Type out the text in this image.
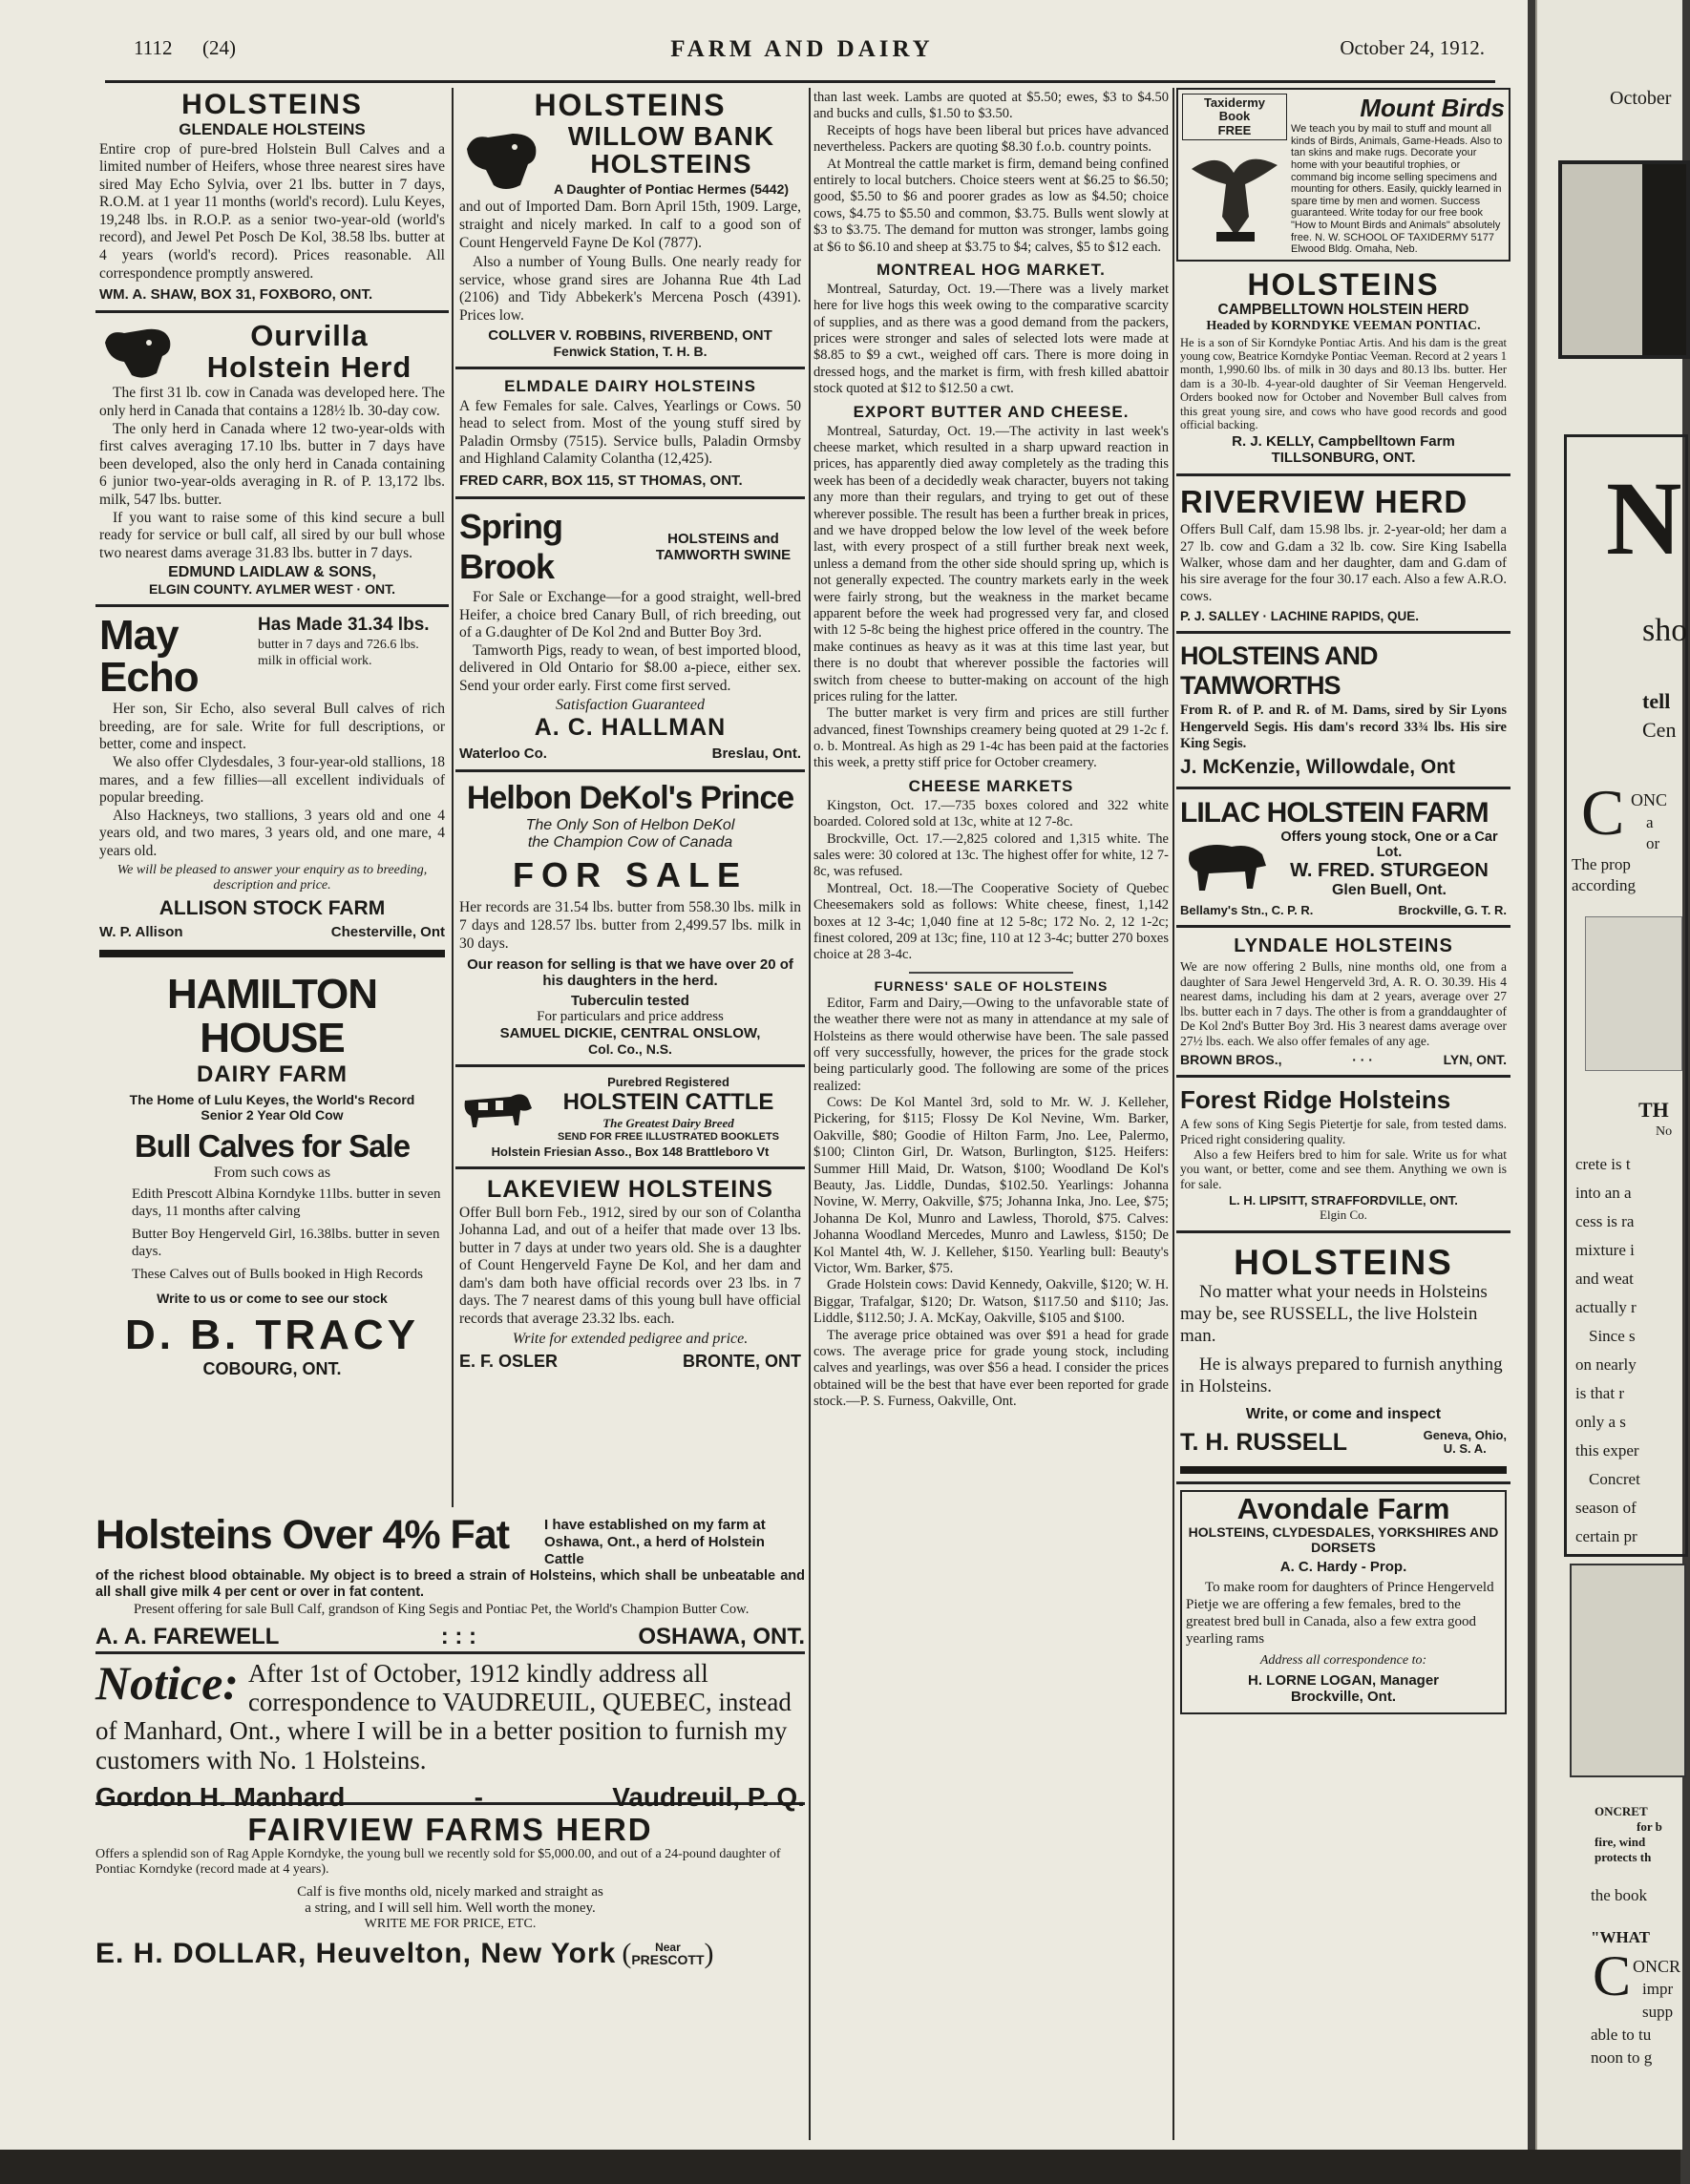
1112 (24)	FARM AND DAIRY	October 24, 1912.
HOLSTEINS
GLENDALE HOLSTEINS
Entire crop of pure-bred Holstein Bull Calves and a limited number of Heifers, whose three nearest sires have sired May Echo Sylvia, over 21 lbs. butter in 7 days, R.O.M. at 1 year 11 months (world's record). Lulu Keyes, 19,248 lbs. in R.O.P. as a senior two-year-old (world's record), and Jewel Pet Posch De Kol, 38.58 lbs. butter at 4 years (world's record). Prices reasonable. All correspondence promptly answered.
WM. A. SHAW, BOX 31, FOXBORO, ONT.
Ourvilla
Holstein Herd

The first 31 lb. cow in Canada was developed here. The only herd in Canada that contains a 128½ lb. 30-day cow.

The only herd in Canada where 12 two-year-olds with first calves averaging 17.10 lbs. butter in 7 days have been developed, also the only herd in Canada containing 6 junior two-year-olds averaging in R. of P. 13,172 lbs. milk, 547 lbs. butter.

If you want to raise some of this kind secure a bull ready for service or bull calf, all sired by our bull whose two nearest dams average 31.83 lbs. butter in 7 days.

EDMUND LAIDLAW & SONS,
ELGIN COUNTY. AYLMER WEST · ONT.
May Echo
Has Made 31.34 lbs.
butter in 7 days and 726.6 lbs. milk in official work.

Her son, Sir Echo, also several Bull calves of rich breeding, are for sale. Write for full descriptions, or better, come and inspect.

We also offer Clydesdales, 3 four-year-old stallions, 18 mares, and a few fillies—all excellent individuals of popular breeding.

Also Hackneys, two stallions, 3 years old and one 4 years old, and two mares, 3 years old, and one mare, 4 years old.

We will be pleased to answer your enquiry as to breeding, description and price.
ALLISON STOCK FARM
W. P. Allison	Chesterville, Ont
HAMILTON HOUSE
DAIRY FARM
The Home of Lulu Keyes, the World's Record Senior 2 Year Old Cow
Bull Calves for Sale
From such cows as
Edith Prescott Albina Korndyke 11lbs. butter in seven days, 11 months after calving
Butter Boy Hengerveld Girl, 16.38lbs. butter in seven days.
These Calves out of Bulls booked in High Records
Write to us or come to see our stock
D. B. TRACY
COBOURG, ONT.
HOLSTEINS
WILLOW BANK
HOLSTEINS
A Daughter of Pontiac Hermes (5442)
and out of Imported Dam. Born April 15th, 1909. Large, straight and nicely marked. In calf to a good son of Count Hengerveld Fayne De Kol (7877).

Also a number of Young Bulls. One nearly ready for service, whose grand sires are Johanna Rue 4th Lad (2106) and Tidy Abbekerk's Mercena Posch (4391). Prices low.

COLLVER V. ROBBINS, RIVERBEND, ONT
Fenwick Station, T. H. B.
ELMDALE DAIRY HOLSTEINS
A few Females for sale. Calves, Yearlings or Cows. 50 head to select from. Most of the young stuff sired by Paladin Ormsby (7515). Service bulls, Paladin Ormsby and Highland Calamity Colantha (12,425).
FRED CARR, BOX 115, ST THOMAS, ONT.
Spring Brook
HOLSTEINS and
TAMWORTH SWINE

For Sale or Exchange—for a good straight, well-bred Heifer, a choice bred Canary Bull, of rich breeding, out of a G.daughter of De Kol 2nd and Butter Boy 3rd.

Tamworth Pigs, ready to wean, of best imported blood, delivered in Old Ontario for $8.00 a-piece, either sex. Send your order early. First come first served.

Satisfaction Guaranteed
A. C. HALLMAN
Waterloo Co.	Breslau, Ont.
Helbon DeKol's Prince
The Only Son of Helbon DeKol
the Champion Cow of Canada
FOR SALE
Her records are 31.54 lbs. butter from 558.30 lbs. milk in 7 days and 128.57 lbs. butter from 2,499.57 lbs. milk in 30 days.
Our reason for selling is that we have over 20 of his daughters in the herd.
Tuberculin tested
For particulars and price address
SAMUEL DICKIE, CENTRAL ONSLOW,
Col. Co., N.S.
Purebred Registered
HOLSTEIN CATTLE
The Greatest Dairy Breed
SEND FOR FREE ILLUSTRATED BOOKLETS
Holstein Friesian Asso., Box 148 Brattleboro Vt
LAKEVIEW HOLSTEINS
Offer Bull born Feb., 1912, sired by our son of Colantha Johanna Lad, and out of a heifer that made over 13 lbs. butter in 7 days at under two years old. She is a daughter of Count Hengerveld Fayne De Kol, and her dam and dam's dam both have official records over 23 lbs. in 7 days. The 7 nearest dams of this young bull have official records that average 23.32 lbs. each.
Write for extended pedigree and price.
E. F. OSLER	BRONTE, ONT
Holsteins Over 4% Fat	I have established on my farm at Oshawa, Ont., a herd of Holstein Cattle
of the richest blood obtainable. My object is to breed a strain of Holsteins, which shall be unbeatable and all shall give milk 4 per cent or over in fat content.
Present offering for sale Bull Calf, grandson of King Segis and Pontiac Pet, the World's Champion Butter Cow.
A. A. FAREWELL	: : :	OSHAWA, ONT.
Notice: After 1st of October, 1912 kindly address all correspondence to VAUDREUIL, QUEBEC, instead of Manhard, Ont., where I will be in a better position to furnish my customers with No. 1 Holsteins.
Gordon H. Manhard	-	Vaudreuil, P. Q.
FAIRVIEW FARMS HERD
Offers a splendid son of Rag Apple Korndyke, the young bull we recently sold for $5,000.00, and out of a 24-pound daughter of Pontiac Korndyke (record made at 4 years).
Calf is five months old, nicely marked and straight as
a string, and I will sell him. Well worth the money.
WRITE ME FOR PRICE, ETC.
E. H. DOLLAR, Heuvelton, New York ( Near
PRESCOTT )

than last week. Lambs are quoted at $5.50; ewes, $3 to $4.50 and bucks and culls, $1.50 to $3.50.

Receipts of hogs have been liberal but prices have advanced nevertheless. Packers are quoting $8.30 f.o.b. country points.

At Montreal the cattle market is firm, demand being confined entirely to local butchers. Choice steers went at $6.25 to $6.50; good, $5.50 to $6 and poorer grades as low as $4.50; choice cows, $4.75 to $5.50 and common, $3.75. Bulls went slowly at $3 to $3.75. The demand for mutton was stronger, lambs going at $6 to $6.10 and sheep at $3.75 to $4; calves, $5 to $12 each.

MONTREAL HOG MARKET.

Montreal, Saturday, Oct. 19.—There was a lively market here for live hogs this week owing to the comparative scarcity of supplies, and as there was a good demand from the packers, prices were stronger and sales of selected lots were made at $8.85 to $9 a cwt., weighed off cars. There is more doing in dressed hogs, and the market is firm, with fresh killed abattoir stock quoted at $12 to $12.50 a cwt.

EXPORT BUTTER AND CHEESE.

Montreal, Saturday, Oct. 19.—The activity in last week's cheese market, which resulted in a sharp upward reaction in prices, has apparently died away completely as the trading this week has been of a decidedly weak character, buyers not taking any more than their regulars, and trying to get out of these wherever possible. The result has been a further break in prices, and we have dropped below the low level of the week before last, with every prospect of a still further break next week, unless a demand from the other side should spring up, which is not generally expected. The country markets early in the week were fairly strong, but the weakness in the market became apparent before the week had progressed very far, and closed with 12 5-8c being the highest price offered in the country. The make continues as heavy as it was at this time last year, but there is no doubt that wherever possible the factories will switch from cheese to butter-making on account of the high prices ruling for the latter.

The butter market is very firm and prices are still further advanced, finest Townships creamery being quoted at 29 1-2c f. o. b. Montreal. As high as 29 1-4c has been paid at the factories this week, a pretty stiff price for October creamery.

CHEESE MARKETS

Kingston, Oct. 17.—735 boxes colored and 322 white boarded. Colored sold at 13c, white at 12 7-8c.

Brockville, Oct. 17.—2,825 colored and 1,315 white. The sales were: 30 colored at 13c. The highest offer for white, 12 7-8c, was refused.

Montreal, Oct. 18.—The Cooperative Society of Quebec Cheesemakers sold as follows: White cheese, finest, 1,142 boxes at 12 3-4c; 1,040 fine at 12 5-8c; 172 No. 2, 12 1-2c; finest colored, 209 at 13c; fine, 110 at 12 3-4c; butter 270 boxes choice at 28 3-4c.

FURNESS' SALE OF HOLSTEINS

Editor, Farm and Dairy,—Owing to the unfavorable state of the weather there were not as many in attendance at my sale of Holsteins as there would otherwise have been. The sale passed off very successfully, however, the prices for the grade stock being particularly good. The following are some of the prices realized:

Cows: De Kol Mantel 3rd, sold to Mr. W. J. Kelleher, Pickering, for $115; Flossy De Kol Nevine, Wm. Barker, Oakville, $80; Goodie of Hilton Farm, Jno. Lee, Palermo, $100; Clinton Girl, Dr. Watson, Burlington, $125. Heifers: Summer Hill Maid, Dr. Watson, $100; Woodland De Kol's Beauty, Jas. Liddle, Dundas, $102.50. Yearlings: Johanna Novine, W. Merry, Oakville, $75; Johanna Inka, Jno. Lee, $75; Johanna De Kol, Munro and Lawless, Thorold, $75. Calves: Johanna Woodland Mercedes, Munro and Lawless, $150; De Kol Mantel 4th, W. J. Kelleher, $150. Yearling bull: Beauty's Victor, Wm. Barker, $75.

Grade Holstein cows: David Kennedy, Oakville, $120; W. H. Biggar, Trafalgar, $120; Dr. Watson, $117.50 and $110; Jas. Liddle, $112.50; J. A. McKay, Oakville, $105 and $100.

The average price obtained was over $91 a head for grade cows. The average price for grade young stock, including calves and yearlings, was over $56 a head. I consider the prices obtained will be the best that have ever been reported for grade stock.—P. S. Furness, Oakville, Ont.

Taxidermy
Book
FREE
Mount Birds
We teach you by mail to stuff and mount all kinds of Birds, Animals, Game-Heads. Also to tan skins and make rugs. Decorate your home with your beautiful trophies, or command big income selling specimens and mounting for others. Easily, quickly learned in spare time by men and women. Success guaranteed. Write today for our free book "How to Mount Birds and Animals" absolutely free. N. W. SCHOOL OF TAXIDERMY 5177 Elwood Bldg. Omaha, Neb.
HOLSTEINS
CAMPBELLTOWN HOLSTEIN HERD
Headed by KORNDYKE VEEMAN PONTIAC.
He is a son of Sir Korndyke Pontiac Artis. And his dam is the great young cow, Beatrice Korndyke Pontiac Veeman. Record at 2 years 1 month, 1,990.60 lbs. of milk in 30 days and 80.13 lbs. butter. Her dam is a 30-lb. 4-year-old daughter of Sir Veeman Hengerveld. Orders booked now for October and November Bull calves from this great young sire, and cows who have good records and good official backing.
R. J. KELLY, Campbelltown Farm
TILLSONBURG, ONT.
RIVERVIEW HERD
Offers Bull Calf, dam 15.98 lbs. jr. 2-year-old; her dam a 27 lb. cow and G.dam a 32 lb. cow. Sire King Isabella Walker, whose dam and her daughter, dam and G.dam of his sire average for the four 30.17 each. Also a few A.R.O. cows.
P. J. SALLEY · LACHINE RAPIDS, QUE.
HOLSTEINS AND TAMWORTHS
From R. of P. and R. of M. Dams, sired by Sir Lyons Hengerveld Segis. His dam's record 33¾ lbs. His sire King Segis.
J. McKenzie, Willowdale, Ont
LILAC HOLSTEIN FARM
Offers young stock, One or a Car Lot.
W. FRED. STURGEON
Glen Buell, Ont.
Bellamy's Stn., C. P. R.	Brockville, G. T. R.
LYNDALE HOLSTEINS
We are now offering 2 Bulls, nine months old, one from a daughter of Sara Jewel Hengerveld 3rd, A. R. O. 30.39. His 4 nearest dams, including his dam at 2 years, average over 27 lbs. butter each in 7 days. The other is from a granddaughter of De Kol 2nd's Butter Boy 3rd. His 3 nearest dams average over 27½ lbs. each. We also offer females of any age.
BROWN BROS.,	· · ·	LYN, ONT.
Forest Ridge Holsteins

A few sons of King Segis Pietertje for sale, from tested dams. Priced right considering quality.

Also a few Heifers bred to him for sale. Write us for what you want, or better, come and see them. Anything we own is for sale.

L. H. LIPSITT, STRAFFORDVILLE, ONT.
Elgin Co.
HOLSTEINS
No matter what your needs in Holsteins may be, see RUSSELL, the live Holstein man.
He is always prepared to furnish anything in Holsteins.
Write, or come and inspect
T. H. RUSSELL	Geneva, Ohio,
U. S. A.
Avondale Farm
HOLSTEINS, CLYDESDALES, YORKSHIRES AND DORSETS
A. C. Hardy - Prop.
To make room for daughters of Prince Hengerveld Pietje we are offering a few females, bred to the greatest bred bull in Canada, also a few extra good yearling rams
Address all correspondence to:
H. LORNE LOGAN, Manager
Brockville, Ont.
October
N
sho
tell
Cen
C ONC
a
or
The prop
according
TH
No
crete is t
into an a
cess is ra
mixture i
and weat
actually r
Since s
on nearly
is that r
only a s
this exper
Concret
season of
certain pr
ONCRET
for b
fire, wind
protects th
the book
"WHAT
C ONCR
impr
supp
able to tu
noon to g
